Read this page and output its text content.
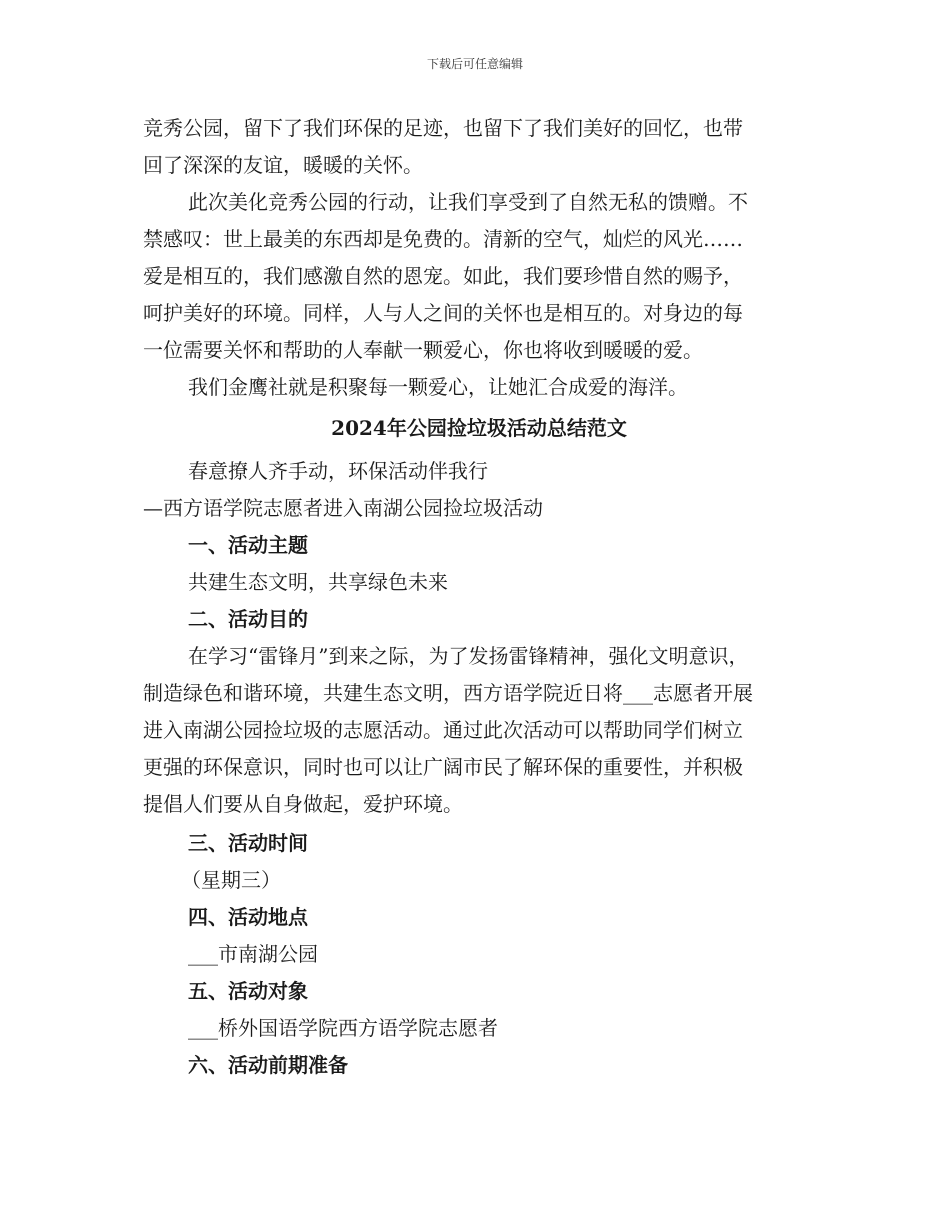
下载后可任意编辑
竞秀公园，留下了我们环保的足迹，也留下了我们美好的回忆，也带
回了深深的友谊，暖暖的关怀。
此次美化竞秀公园的行动，让我们享受到了自然无私的馈赠。不
禁感叹：世上最美的东西却是免费的。清新的空气，灿烂的风光……
爱是相互的，我们感激自然的恩宠。如此，我们要珍惜自然的赐予，
呵护美好的环境。同样，人与人之间的关怀也是相互的。对身边的每
一位需要关怀和帮助的人奉献一颗爱心，你也将收到暖暖的爱。
我们金鹰社就是积聚每一颗爱心，让她汇合成爱的海洋。
2024年公园捡垃圾活动总结范文
春意撩人齐手动，环保活动伴我行
—西方语学院志愿者进入南湖公园捡垃圾活动
一、活动主题
共建生态文明，共享绿色未来
二、活动目的
在学习“雷锋月”到来之际，为了发扬雷锋精神，强化文明意识，
制造绿色和谐环境，共建生态文明，西方语学院近日将___志愿者开展
进入南湖公园捡垃圾的志愿活动。通过此次活动可以帮助同学们树立
更强的环保意识，同时也可以让广阔市民了解环保的重要性，并积极
提倡人们要从自身做起，爱护环境。
三、活动时间
（星期三）
四、活动地点
___市南湖公园
五、活动对象
___桥外国语学院西方语学院志愿者
六、活动前期准备
